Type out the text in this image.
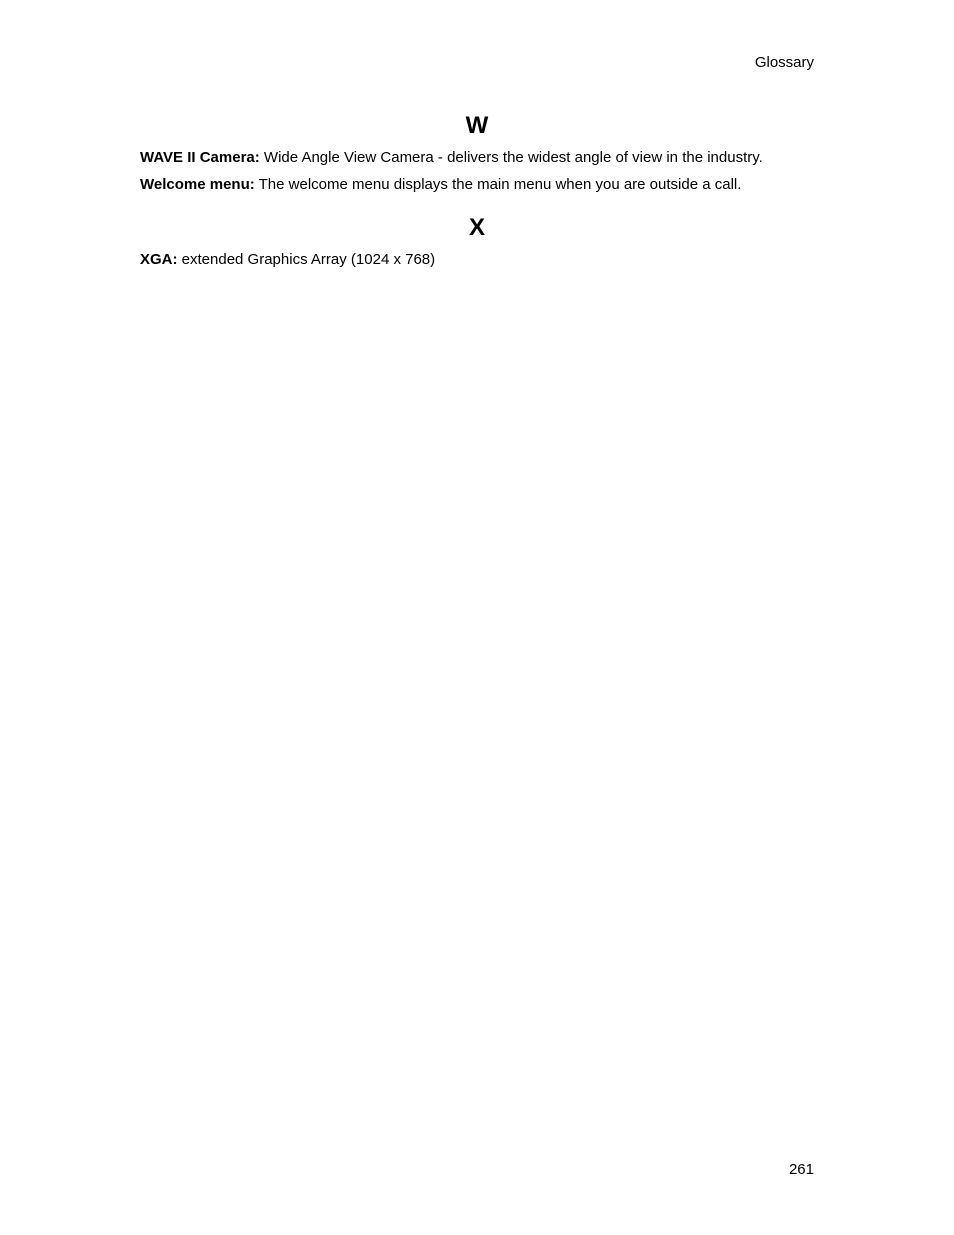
Glossary
W

WAVE II Camera: Wide Angle View Camera - delivers the widest angle of view in the industry.

Welcome menu: The welcome menu displays the main menu when you are outside a call.

X

XGA: extended Graphics Array (1024 x 768)

261
